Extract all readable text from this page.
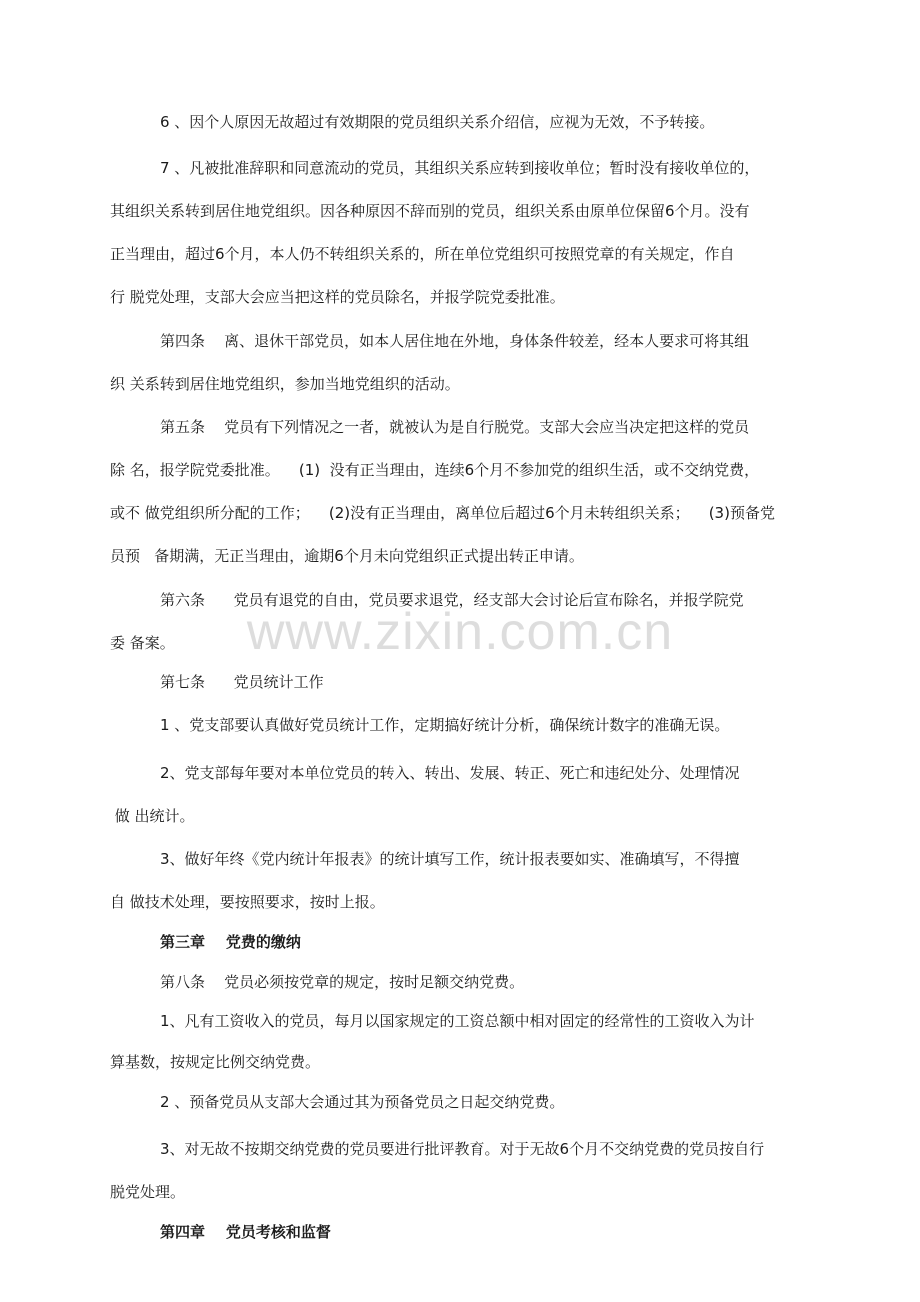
6 、因个人原因无故超过有效期限的党员组织关系介绍信，应视为无效，不予转接。
7 、凡被批准辞职和同意流动的党员，其组织关系应转到接收单位；暂时没有接收单位的，
其组织关系转到居住地党组织。因各种原因不辞而别的党员，组织关系由原单位保留6个月。没有
正当理由，超过6个月，本人仍不转组织关系的，所在单位党组织可按照党章的有关规定，作自
行 脱党处理，支部大会应当把这样的党员除名，并报学院党委批准。
第四条    离、退休干部党员，如本人居住地在外地，身体条件较差，经本人要求可将其组
织 关系转到居住地党组织，参加当地党组织的活动。
第五条    党员有下列情况之一者，就被认为是自行脱党。支部大会应当决定把这样的党员
除 名，报学院党委批准。    (1)  没有正当理由，连续6个月不参加党的组织生活，或不交纳党费，
或不 做党组织所分配的工作；    (2)没有正当理由，离单位后超过6个月未转组织关系；    (3)预备党
员预   备期满，无正当理由，逾期6个月未向党组织正式提出转正申请。
第六条      党员有退党的自由，党员要求退党，经支部大会讨论后宣布除名，并报学院党
委 备案。
第七条      党员统计工作
1 、党支部要认真做好党员统计工作，定期搞好统计分析，确保统计数字的准确无误。
2、党支部每年要对本单位党员的转入、转出、发展、转正、死亡和违纪处分、处理情况
做 出统计。
3、做好年终《党内统计年报表》的统计填写工作，统计报表要如实、准确填写，不得擅
自 做技术处理，要按照要求，按时上报。
第三章    党费的缴纳
第八条    党员必须按党章的规定，按时足额交纳党费。
1、凡有工资收入的党员，每月以国家规定的工资总额中相对固定的经常性的工资收入为计
算基数，按规定比例交纳党费。
2 、预备党员从支部大会通过其为预备党员之日起交纳党费。
3、对无故不按期交纳党费的党员要进行批评教育。对于无故6个月不交纳党费的党员按自行
脱党处理。
第四章    党员考核和监督
www.zixin.com.cn
